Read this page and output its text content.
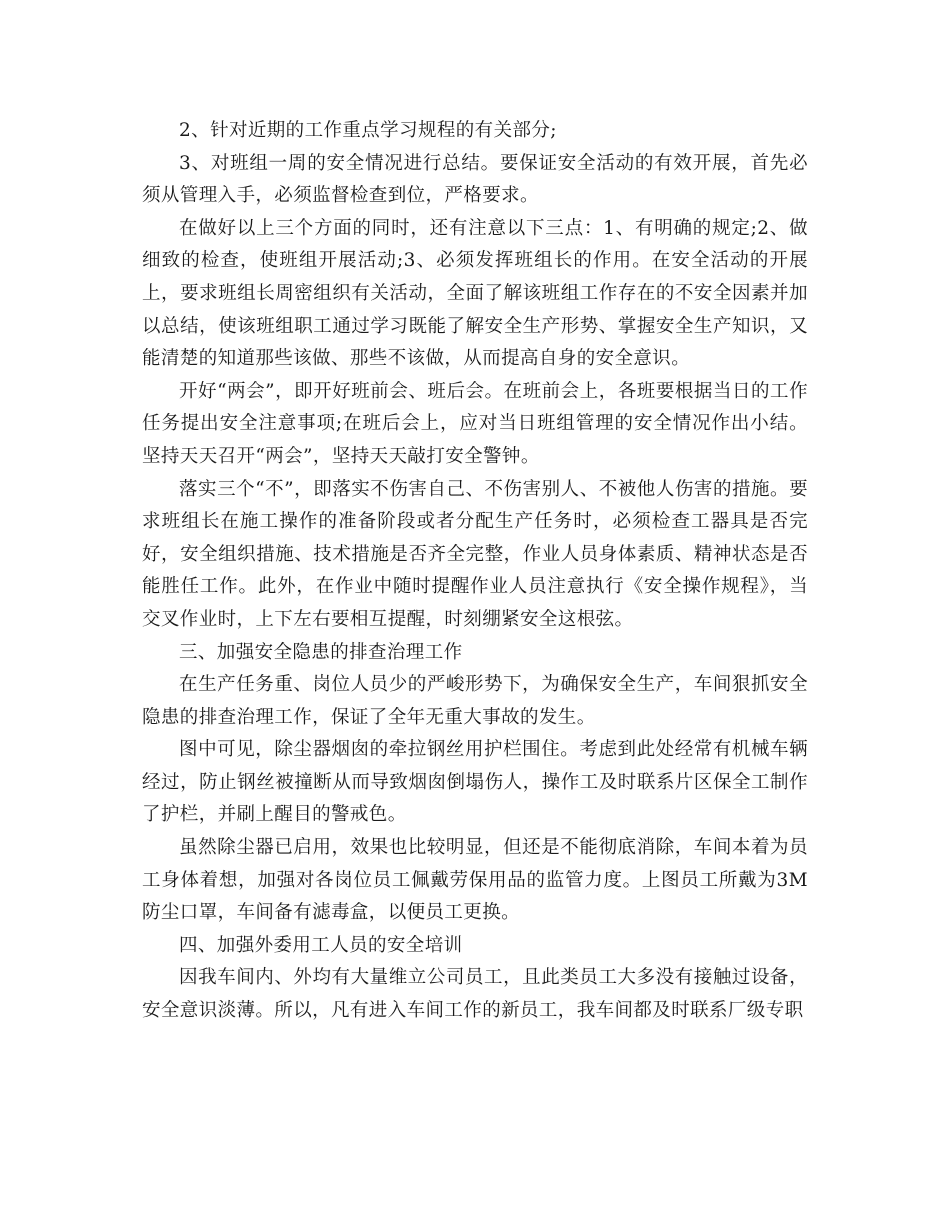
2、针对近期的工作重点学习规程的有关部分;

3、对班组一周的安全情况进行总结。要保证安全活动的有效开展，首先必须从管理入手，必须监督检查到位，严格要求。

在做好以上三个方面的同时，还有注意以下三点：1、有明确的规定;2、做细致的检查，使班组开展活动;3、必须发挥班组长的作用。在安全活动的开展上，要求班组长周密组织有关活动，全面了解该班组工作存在的不安全因素并加以总结，使该班组职工通过学习既能了解安全生产形势、掌握安全生产知识，又能清楚的知道那些该做、那些不该做，从而提高自身的安全意识。

开好“两会”，即开好班前会、班后会。在班前会上，各班要根据当日的工作任务提出安全注意事项;在班后会上，应对当日班组管理的安全情况作出小结。坚持天天召开“两会”，坚持天天敲打安全警钟。

落实三个“不”，即落实不伤害自己、不伤害别人、不被他人伤害的措施。要求班组长在施工操作的准备阶段或者分配生产任务时，必须检查工器具是否完好，安全组织措施、技术措施是否齐全完整，作业人员身体素质、精神状态是否能胜任工作。此外，在作业中随时提醒作业人员注意执行《安全操作规程》，当交叉作业时，上下左右要相互提醒，时刻绷紧安全这根弦。

三、加强安全隐患的排查治理工作

在生产任务重、岗位人员少的严峻形势下，为确保安全生产，车间狠抓安全隐患的排查治理工作，保证了全年无重大事故的发生。

图中可见，除尘器烟囱的牵拉钢丝用护栏围住。考虑到此处经常有机械车辆经过，防止钢丝被撞断从而导致烟囱倒塌伤人，操作工及时联系片区保全工制作了护栏，并刷上醒目的警戒色。

虽然除尘器已启用，效果也比较明显，但还是不能彻底消除，车间本着为员工身体着想，加强对各岗位员工佩戴劳保用品的监管力度。上图员工所戴为3M防尘口罩，车间备有滤毒盒，以便员工更换。

四、加强外委用工人员的安全培训

因我车间内、外均有大量维立公司员工，且此类员工大多没有接触过设备，安全意识淡薄。所以，凡有进入车间工作的新员工，我车间都及时联系厂级专职
